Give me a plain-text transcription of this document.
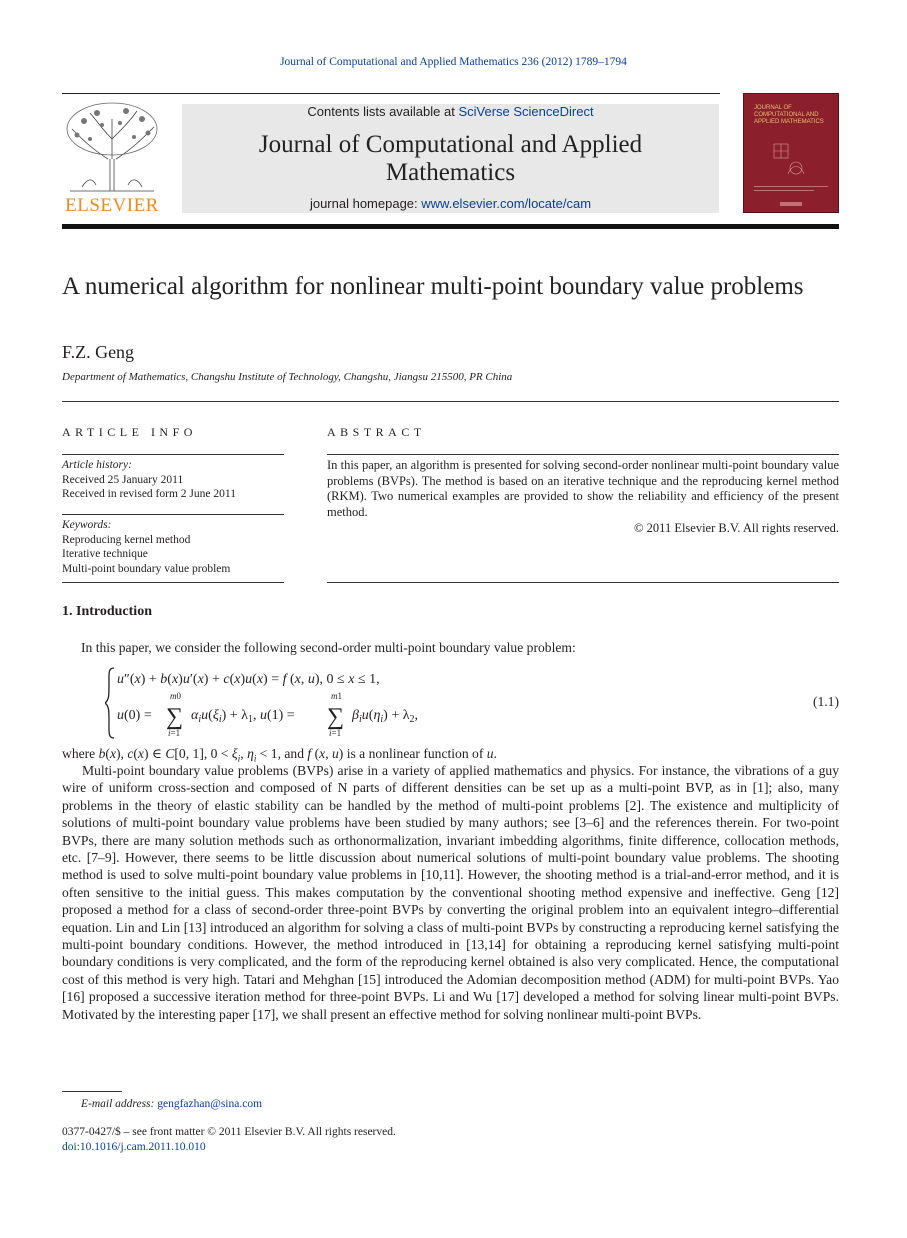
Journal of Computational and Applied Mathematics 236 (2012) 1789–1794
ELSEVIER
Contents lists available at SciVerse ScienceDirect
Journal of Computational and Applied
Mathematics
journal homepage: www.elsevier.com/locate/cam
JOURNAL OF
COMPUTATIONAL AND
APPLIED MATHEMATICS
A numerical algorithm for nonlinear multi-point boundary value problems
F.Z. Geng
Department of Mathematics, Changshu Institute of Technology, Changshu, Jiangsu 215500, PR China
ARTICLE INFO	ABSTRACT
Article history:
Received 25 January 2011
Received in revised form 2 June 2011
Keywords:
Reproducing kernel method
Iterative technique
Multi-point boundary value problem
In this paper, an algorithm is presented for solving second-order nonlinear multi-point boundary value problems (BVPs). The method is based on an iterative technique and the reproducing kernel method (RKM). Two numerical examples are provided to show the reliability and efficiency of the present method.
© 2011 Elsevier B.V. All rights reserved.
1. Introduction
In this paper, we consider the following second-order multi-point boundary value problem:
u″(x) + b(x)u′(x) + c(x)u(x) = f (x, u), 0 ≤ x ≤ 1,
u(0) = ∑
m0
i=1
$\alpha_iu(\xi_i) + \lambda_1$, u(1) = ∑
m1
i=1
$\beta_iu(\eta_i) + \lambda_2$,
(1.1)
where b(x), c(x) ∈ C[0, 1], $0 < \xi_i$, $\eta_i < 1$, and f (x, u) is a nonlinear function of u.

Multi-point boundary value problems (BVPs) arise in a variety of applied mathematics and physics. For instance, the vibrations of a guy wire of uniform cross-section and composed of N parts of different densities can be set up as a multi-point BVP, as in [1]; also, many problems in the theory of elastic stability can be handled by the method of multi-point problems [2]. The existence and multiplicity of solutions of multi-point boundary value problems have been studied by many authors; see [3–6] and the references therein. For two-point BVPs, there are many solution methods such as orthonormalization, invariant imbedding algorithms, finite difference, collocation methods, etc. [7–9]. However, there seems to be little discussion about numerical solutions of multi-point boundary value problems. The shooting method is used to solve multi-point boundary value problems in [10,11]. However, the shooting method is a trial-and-error method, and it is often sensitive to the initial guess. This makes computation by the conventional shooting method expensive and ineffective. Geng [12] proposed a method for a class of second-order three-point BVPs by converting the original problem into an equivalent integro–differential equation. Lin and Lin [13] introduced an algorithm for solving a class of multi-point BVPs by constructing a reproducing kernel satisfying the multi-point boundary conditions. However, the method introduced in [13,14] for obtaining a reproducing kernel satisfying multi-point boundary conditions is very complicated, and the form of the reproducing kernel obtained is also very complicated. Hence, the computational cost of this method is very high. Tatari and Mehghan [15] introduced the Adomian decomposition method (ADM) for multi-point BVPs. Yao [16] proposed a successive iteration method for three-point BVPs. Li and Wu [17] developed a method for solving linear multi-point BVPs. Motivated by the interesting paper [17], we shall present an effective method for solving nonlinear multi-point BVPs.

E-mail address: gengfazhan@sina.com
0377-0427/$ – see front matter © 2011 Elsevier B.V. All rights reserved.
doi:10.1016/j.cam.2011.10.010
